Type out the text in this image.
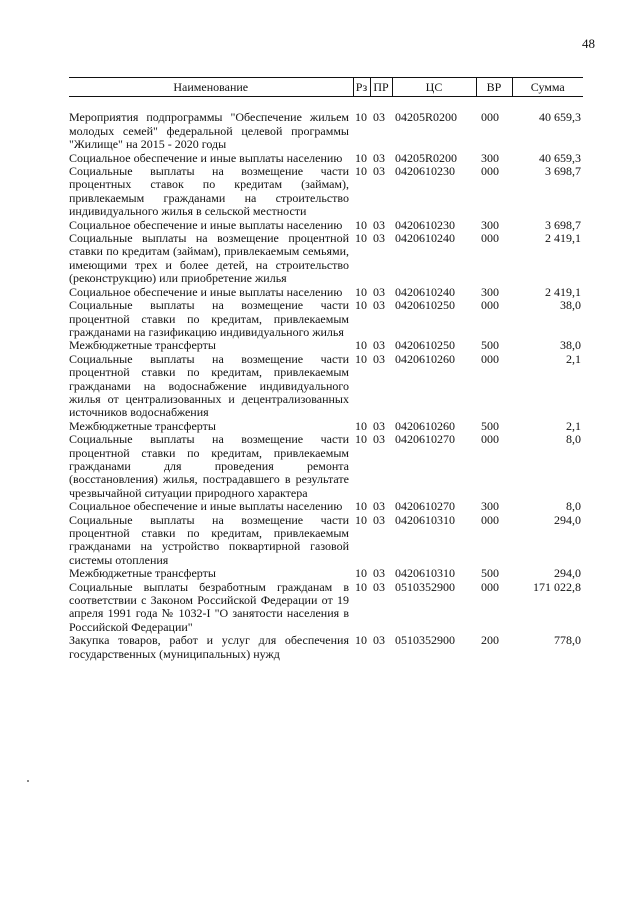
48
Наименование	Рз	ПР	ЦС	ВР	Сумма

Мероприятия подпрограммы "Обеспечение жильем молодых семей" федеральной целевой программы "Жилище" на 2015 - 2020 годы	10	03	04205R0200	000	40 659,3
Социальное обеспечение и иные выплаты населению	10	03	04205R0200	300	40 659,3
Социальные выплаты на возмещение части процентных ставок по кредитам (займам), привлекаемым гражданами на строительство индивидуального жилья в сельской местности	10	03	0420610230	000	3 698,7
Социальное обеспечение и иные выплаты населению	10	03	0420610230	300	3 698,7
Социальные выплаты на возмещение процентной ставки по кредитам (займам), привлекаемым семьями, имеющими трех и более детей, на строительство (реконструкцию) или приобретение жилья	10	03	0420610240	000	2 419,1
Социальное обеспечение и иные выплаты населению	10	03	0420610240	300	2 419,1
Социальные выплаты на возмещение части процентной ставки по кредитам, привлекаемым гражданами на газификацию индивидуального жилья	10	03	0420610250	000	38,0
Межбюджетные трансферты	10	03	0420610250	500	38,0
Социальные выплаты на возмещение части процентной ставки по кредитам, привлекаемым гражданами на водоснабжение индивидуального жилья от централизованных и децентрализованных источников водоснабжения	10	03	0420610260	000	2,1
Межбюджетные трансферты	10	03	0420610260	500	2,1
Социальные выплаты на возмещение части процентной ставки по кредитам, привлекаемым гражданами для проведения ремонта (восстановления) жилья, пострадавшего в результате чрезвычайной ситуации природного характера	10	03	0420610270	000	8,0
Социальное обеспечение и иные выплаты населению	10	03	0420610270	300	8,0
Социальные выплаты на возмещение части процентной ставки по кредитам, привлекаемым гражданами на устройство поквартирной газовой системы отопления	10	03	0420610310	000	294,0
Межбюджетные трансферты	10	03	0420610310	500	294,0
Социальные выплаты безработным гражданам в соответствии с Законом Российской Федерации от 19 апреля 1991 года № 1032-I "О занятости населения в Российской Федерации"	10	03	0510352900	000	171 022,8
Закупка товаров, работ и услуг для обеспечения государственных (муниципальных) нужд	10	03	0510352900	200	778,0
